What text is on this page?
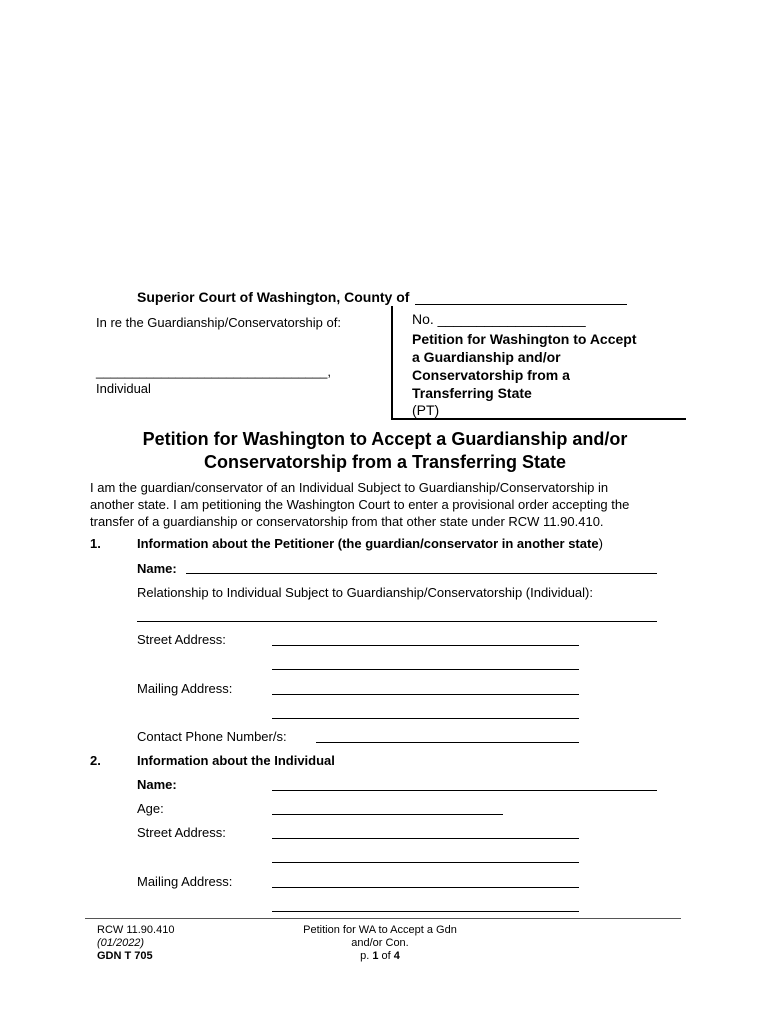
Superior Court of Washington, County of
In re the Guardianship/Conservatorship of:
________________________________,
Individual
No. ___________________
Petition for Washington to Accept
a Guardianship and/or
Conservatorship from a
Transferring State
(PT)
Petition for Washington to Accept a Guardianship and/or
Conservatorship from a Transferring State
I am the guardian/conservator of an Individual Subject to Guardianship/Conservatorship in
another state. I am petitioning the Washington Court to enter a provisional order accepting the
transfer of a guardianship or conservatorship from that other state under RCW 11.90.410.
1.	Information about the Petitioner (the guardian/conservator in another state)
Name:
Relationship to Individual Subject to Guardianship/Conservatorship (Individual):
Street Address:
Mailing Address:
Contact Phone Number/s:
2.	Information about the Individual
Name:
Age:
Street Address:
Mailing Address:
RCW 11.90.410
(01/2022)
GDN T 705
Petition for WA to Accept a Gdn
and/or Con.
p. 1 of 4
